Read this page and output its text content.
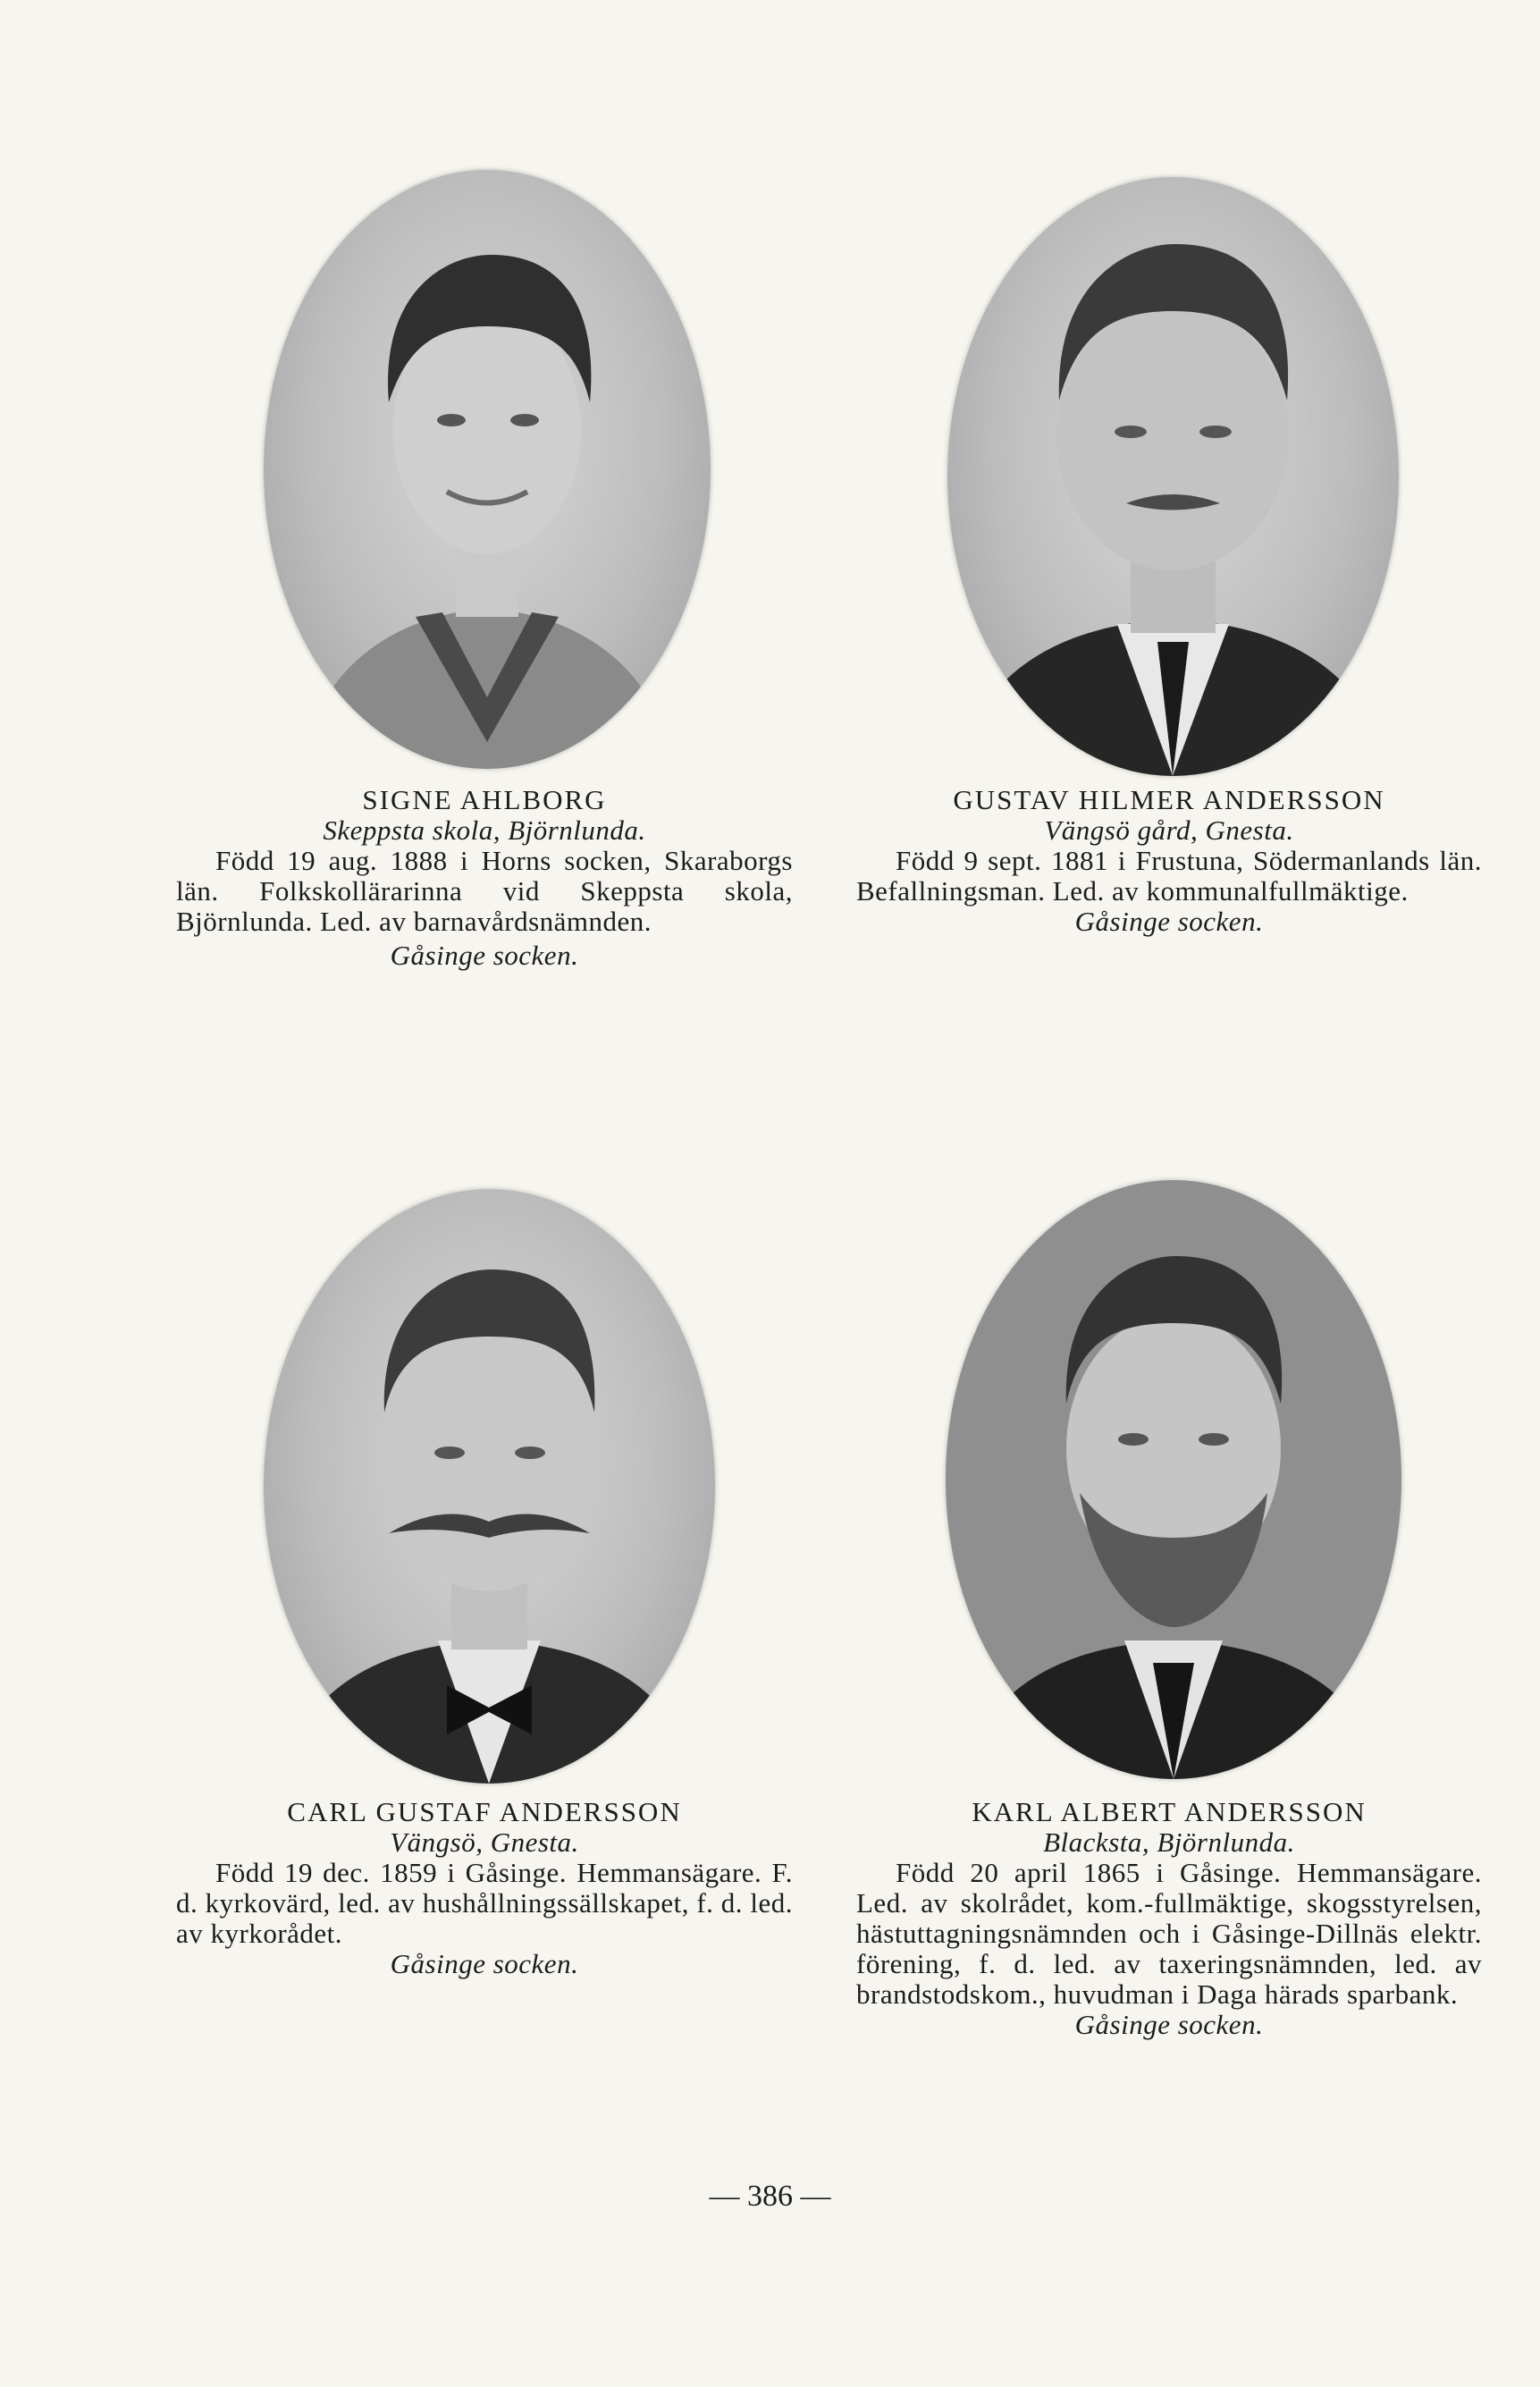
SIGNE AHLBORG
Skeppsta skola, Björnlunda.
Född 19 aug. 1888 i Horns socken, Skaraborgs län. Folkskollärarinna vid Skeppsta skola, Björnlunda. Led. av barnavårdsnämnden.
Gåsinge socken.
GUSTAV HILMER ANDERSSON
Vängsö gård, Gnesta.
Född 9 sept. 1881 i Frustuna, Södermanlands län. Befallningsman. Led. av kommunalfullmäktige.
Gåsinge socken.
CARL GUSTAF ANDERSSON
Vängsö, Gnesta.
Född 19 dec. 1859 i Gåsinge. Hemmansägare. F. d. kyrkovärd, led. av hushållningssällskapet, f. d. led. av kyrkorådet.
Gåsinge socken.
KARL ALBERT ANDERSSON
Blacksta, Björnlunda.
Född 20 april 1865 i Gåsinge. Hemmansägare. Led. av skolrådet, kom.-fullmäktige, skogsstyrelsen, hästuttagningsnämnden och i Gåsinge-Dillnäs elektr. förening, f. d. led. av taxeringsnämnden, led. av brandstodskom., huvudman i Daga härads sparbank.
Gåsinge socken.
— 386 —
